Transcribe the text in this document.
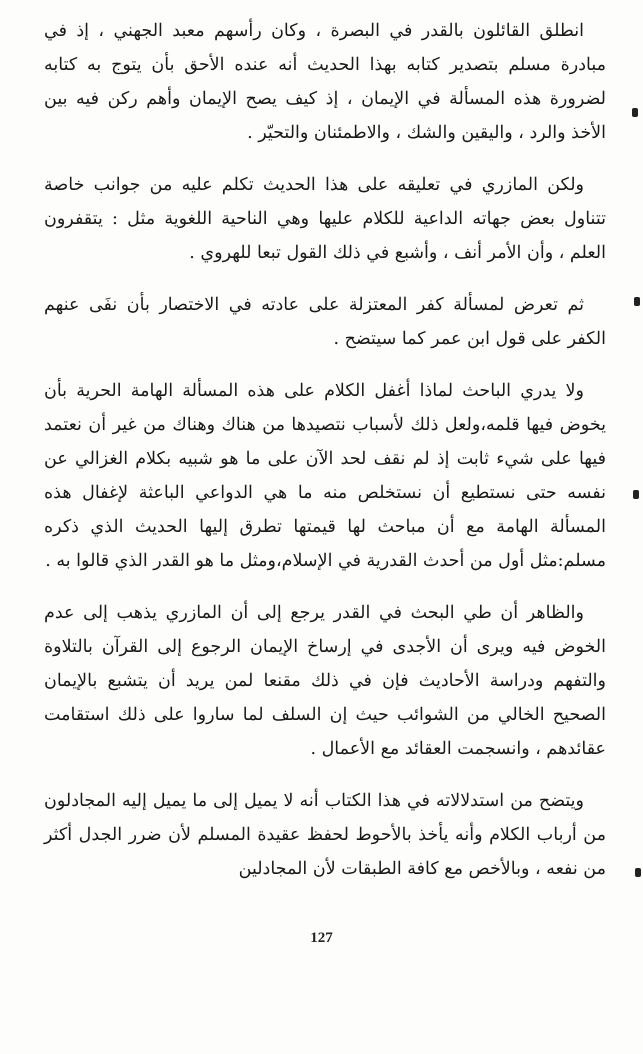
انطلق القائلون بالقدر في البصرة ، وكان رأسهم معبد الجهني ، إذ في مبادرة مسلم بتصدير كتابه بهذا الحديث أنه عنده الأحق بأن يتوج به كتابه لضرورة هذه المسألة في الإيمان ، إذ كيف يصح الإيمان وأهم ركن فيه بين الأخذ والرد ، واليقين والشك ، والاطمئنان والتحيّر .

ولكن المازري في تعليقه على هذا الحديث تكلم عليه من جوانب خاصة تتناول بعض جهاته الداعية للكلام عليها وهي الناحية اللغوية مثل : يتقفرون العلم ، وأن الأمر أنف ، وأشبع في ذلك القول تبعا للهروي .

ثم تعرض لمسألة كفر المعتزلة على عادته في الاختصار بأن نفَى عنهم الكفر على قول ابن عمر كما سيتضح .

ولا يدري الباحث لماذا أغفل الكلام على هذه المسألة الهامة الحرية بأن يخوض فيها قلمه،ولعل ذلك لأسباب نتصيدها من هناك وهناك من غير أن نعتمد فيها على شيء ثابت إذ لم نقف لحد الآن على ما هو شبيه بكلام الغزالي عن نفسه حتى نستطيع أن نستخلص منه ما هي الدواعي الباعثة لإغفال هذه المسألة الهامة مع أن مباحث لها قيمتها تطرق إليها الحديث الذي ذكره مسلم:مثل أول من أحدث القدرية في الإسلام،ومثل ما هو القدر الذي قالوا به .

والظاهر أن طي البحث في القدر يرجع إلى أن المازري يذهب إلى عدم الخوض فيه ويرى أن الأجدى في إرساخ الإيمان الرجوع إلى القرآن بالتلاوة والتفهم ودراسة الأحاديث فإن في ذلك مقنعا لمن يريد أن يتشبع بالإيمان الصحيح الخالي من الشوائب حيث إن السلف لما ساروا على ذلك استقامت عقائدهم ، وانسجمت العقائد مع الأعمال .

ويتضح من استدلالاته في هذا الكتاب أنه لا يميل إلى ما يميل إليه المجادلون من أرباب الكلام وأنه يأخذ بالأحوط لحفظ عقيدة المسلم لأن ضرر الجدل أكثر من نفعه ، وبالأخص مع كافة الطبقات لأن المجادلين

127
